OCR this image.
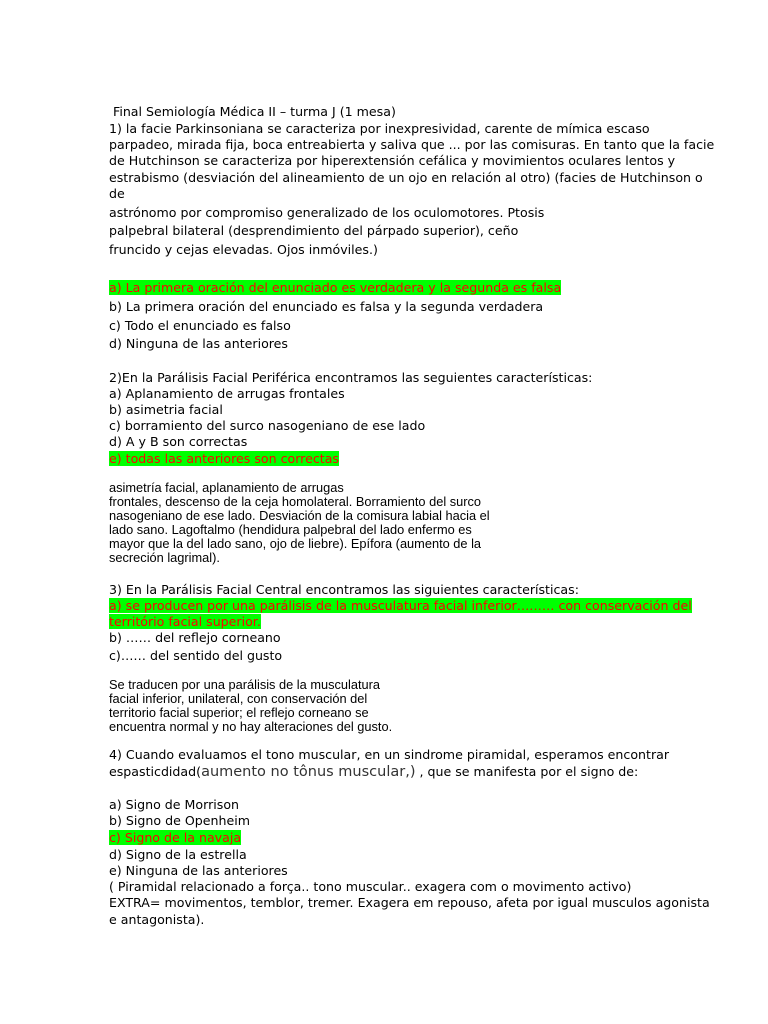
Final Semiología Médica II – turma J (1 mesa)
1) la facie Parkinsoniana se caracteriza por inexpresividad, carente de mímica escaso
parpadeo, mirada fija, boca entreabierta y saliva que ... por las comisuras. En tanto que la facie
de Hutchinson se caracteriza por hiperextensión cefálica y movimientos oculares lentos y
estrabismo (desviación del alineamiento de un ojo en relación al otro) (facies de Hutchinson o
de
astrónomo por compromiso generalizado de los oculomotores. Ptosis
palpebral bilateral (desprendimiento del párpado superior), ceño
fruncido y cejas elevadas. Ojos inmóviles.)
a) La primera oración del enunciado es verdadera y la segunda es falsa
b) La primera oración del enunciado es falsa y la segunda verdadera
c) Todo el enunciado es falso
d) Ninguna de las anteriores
2)En la Parálisis Facial Periférica encontramos las seguientes características:
a) Aplanamiento de arrugas frontales
b) asimetria facial
c) borramiento del surco nasogeniano de ese lado
d) A y B son correctas
e) todas las anteriores son correctas
asimetría facial, aplanamiento de arrugas
frontales, descenso de la ceja homolateral. Borramiento del surco
nasogeniano de ese lado. Desviación de la comisura labial hacia el
lado sano. Lagoftalmo (hendidura palpebral del lado enfermo es
mayor que la del lado sano, ojo de liebre). Epífora (aumento de la
secreción lagrimal).
3) En la Parálisis Facial Central encontramos las siguientes características:
a) se producen por una parálisis de la musculatura facial inferior……… con conservación del
território facial superior.
b) …… del reflejo corneano
c)…… del sentido del gusto
Se traducen por una parálisis de la musculatura
facial inferior, unilateral, con conservación del
territorio facial superior; el reflejo corneano se
encuentra normal y no hay alteraciones del gusto.
4) Cuando evaluamos el tono muscular, en un sindrome piramidal, esperamos encontrar
espasticdidad(aumento no tônus muscular,) , que se manifesta por el signo de:
a) Signo de Morrison
b) Signo de Openheim
c) Signo de la navaja
d) Signo de la estrella
e) Ninguna de las anteriores
( Piramidal relacionado a força.. tono muscular.. exagera com o movimento activo)
EXTRA= movimentos, temblor, tremer. Exagera em repouso, afeta por igual musculos agonista
e antagonista).
